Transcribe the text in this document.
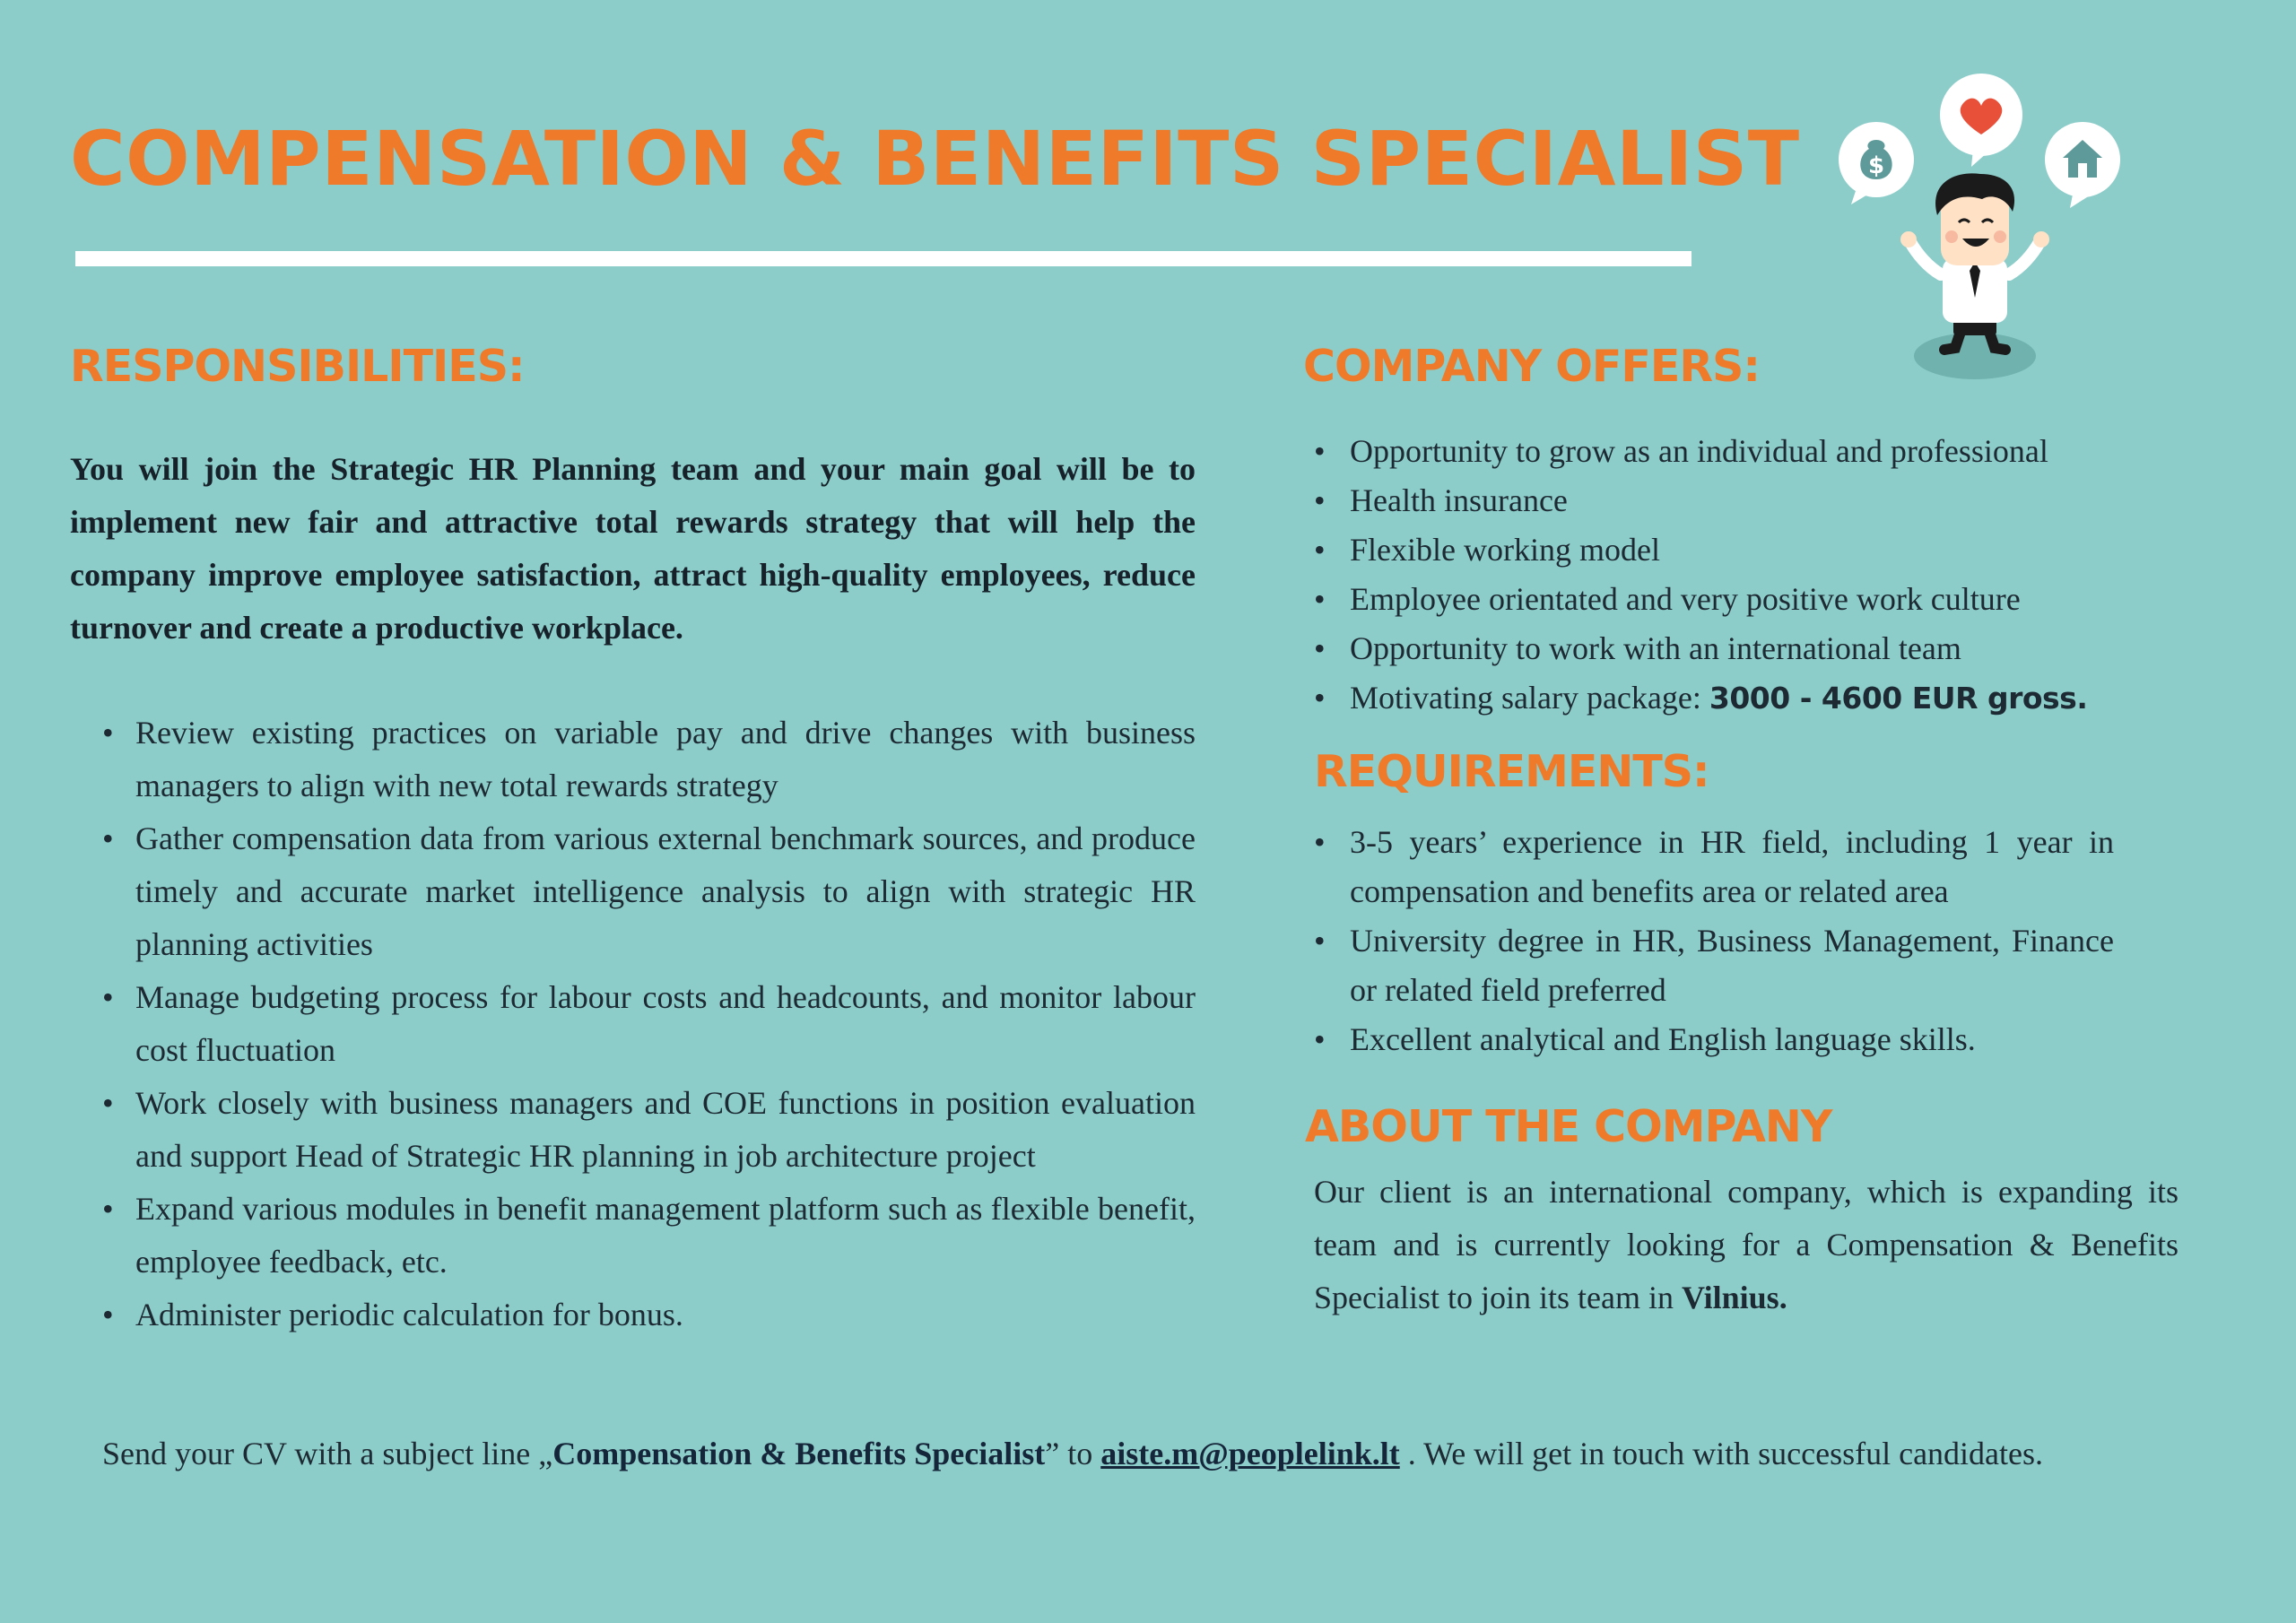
COMPENSATION & BENEFITS SPECIALIST	$
RESPONSIBILITIES:

You will join the Strategic HR Planning team and your main goal will be to implement new fair and attractive total rewards strategy that will help the company improve employee satisfaction, attract high-quality employees, reduce turnover and create a productive workplace.

• Review existing practices on variable pay and drive changes with business managers to align with new total rewards strategy
• Gather compensation data from various external benchmark sources, and produce timely and accurate market intelligence analysis to align with strategic HR planning activities
• Manage budgeting process for labour costs and headcounts, and monitor labour cost fluctuation
• Work closely with business managers and COE functions in position evaluation and support Head of Strategic HR planning in job architecture project
• Expand various modules in benefit management platform such as flexible benefit, employee feedback, etc.
• Administer periodic calculation for bonus.
COMPANY OFFERS:
• Opportunity to grow as an individual and professional
• Health insurance
• Flexible working model
• Employee orientated and very positive work culture
• Opportunity to work with an international team
• Motivating salary package: 3000 - 4600 EUR gross.
REQUIREMENTS:
• 3-5 years’ experience in HR field, including 1 year in compensation and benefits area or related area
• University degree in HR, Business Management, Finance or related field preferred
• Excellent analytical and English language skills.
ABOUT THE COMPANY

Our client is an international company, which is expanding its team and is currently looking for a Compensation & Benefits Specialist to join its team in Vilnius.

Send your CV with a subject line „Compensation & Benefits Specialist” to aiste.m@peoplelink.lt . We will get in touch with successful candidates.
